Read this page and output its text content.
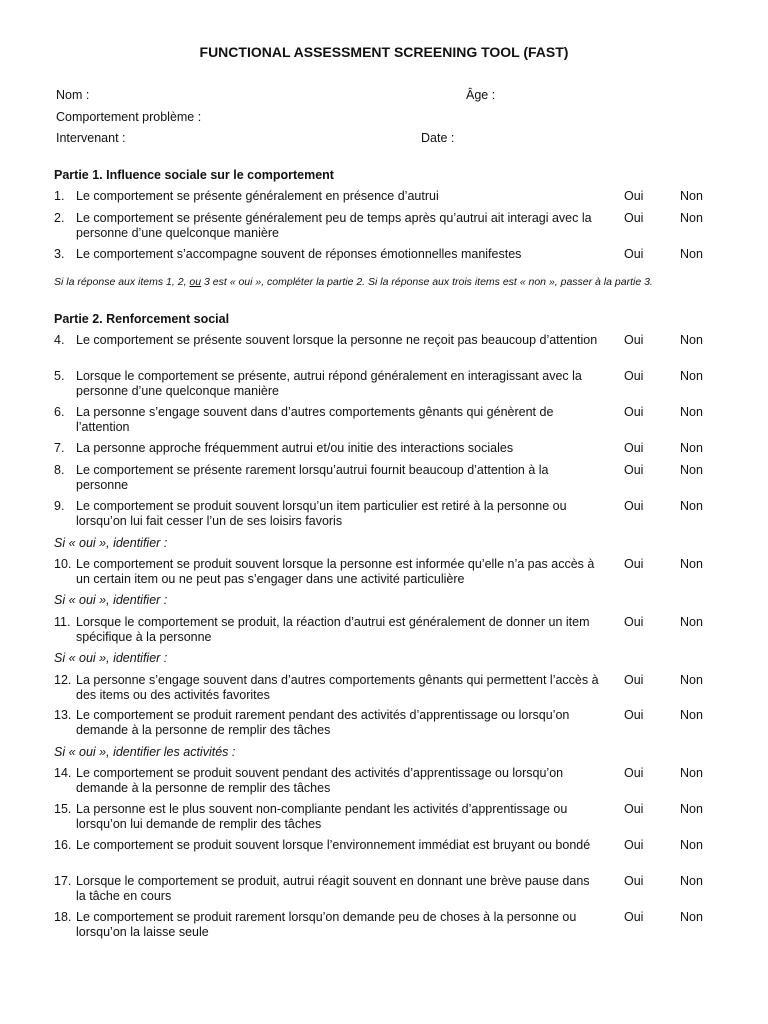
FUNCTIONAL ASSESSMENT SCREENING TOOL (FAST)
Nom :	Âge :
Comportement problème :
Intervenant :	Date :
Partie 1. Influence sociale sur le comportement
1. Le comportement se présente généralement en présence d’autrui	Oui	Non
2. Le comportement se présente généralement peu de temps après qu’autrui ait interagi avec la personne d’une quelconque manière
Oui	Non
3. Le comportement s’accompagne souvent de réponses émotionnelles manifestes	Oui	Non
Si la réponse aux items 1, 2, ou 3 est « oui », compléter la partie 2. Si la réponse aux trois items est « non », passer à la partie 3.
Partie 2. Renforcement social
4. Le comportement se présente souvent lorsque la personne ne reçoit pas beaucoup d’attention	Oui	Non
5. Lorsque le comportement se présente, autrui répond généralement en interagissant avec la personne d’une quelconque manière
Oui	Non
6. La personne s’engage souvent dans d’autres comportements gênants qui génèrent de l’attention
Oui	Non
7. La personne approche fréquemment autrui et/ou initie des interactions sociales	Oui	Non
8. Le comportement se présente rarement lorsqu’autrui fournit beaucoup d’attention à la personne
Oui	Non
9. Le comportement se produit souvent lorsqu’un item particulier est retiré à la personne ou lorsqu’on lui fait cesser l’un de ses loisirs favoris
Oui	Non
Si « oui », identifier :
10. Le comportement se produit souvent lorsque la personne est informée qu’elle n’a pas accès à un certain item ou ne peut pas s’engager dans une activité particulière
Oui	Non
Si « oui », identifier :
11. Lorsque le comportement se produit, la réaction d’autrui est généralement de donner un item spécifique à la personne
Oui	Non
Si « oui », identifier :
12. La personne s’engage souvent dans d’autres comportements gênants qui permettent l’accès à des items ou des activités favorites
Oui	Non
13. Le comportement se produit rarement pendant des activités d’apprentissage ou lorsqu’on demande à la personne de remplir des tâches
Oui	Non
Si « oui », identifier les activités :
14. Le comportement se produit souvent pendant des activités d’apprentissage ou lorsqu’on demande à la personne de remplir des tâches
Oui	Non
15. La personne est le plus souvent non-compliante pendant les activités d’apprentissage ou lorsqu’on lui demande de remplir des tâches
Oui	Non
16. Le comportement se produit souvent lorsque l’environnement immédiat est bruyant ou bondé	Oui	Non
17. Lorsque le comportement se produit, autrui réagit souvent en donnant une brève pause dans la tâche en cours
Oui	Non
18. Le comportement se produit rarement lorsqu’on demande peu de choses à la personne ou lorsqu’on la laisse seule
Oui	Non
